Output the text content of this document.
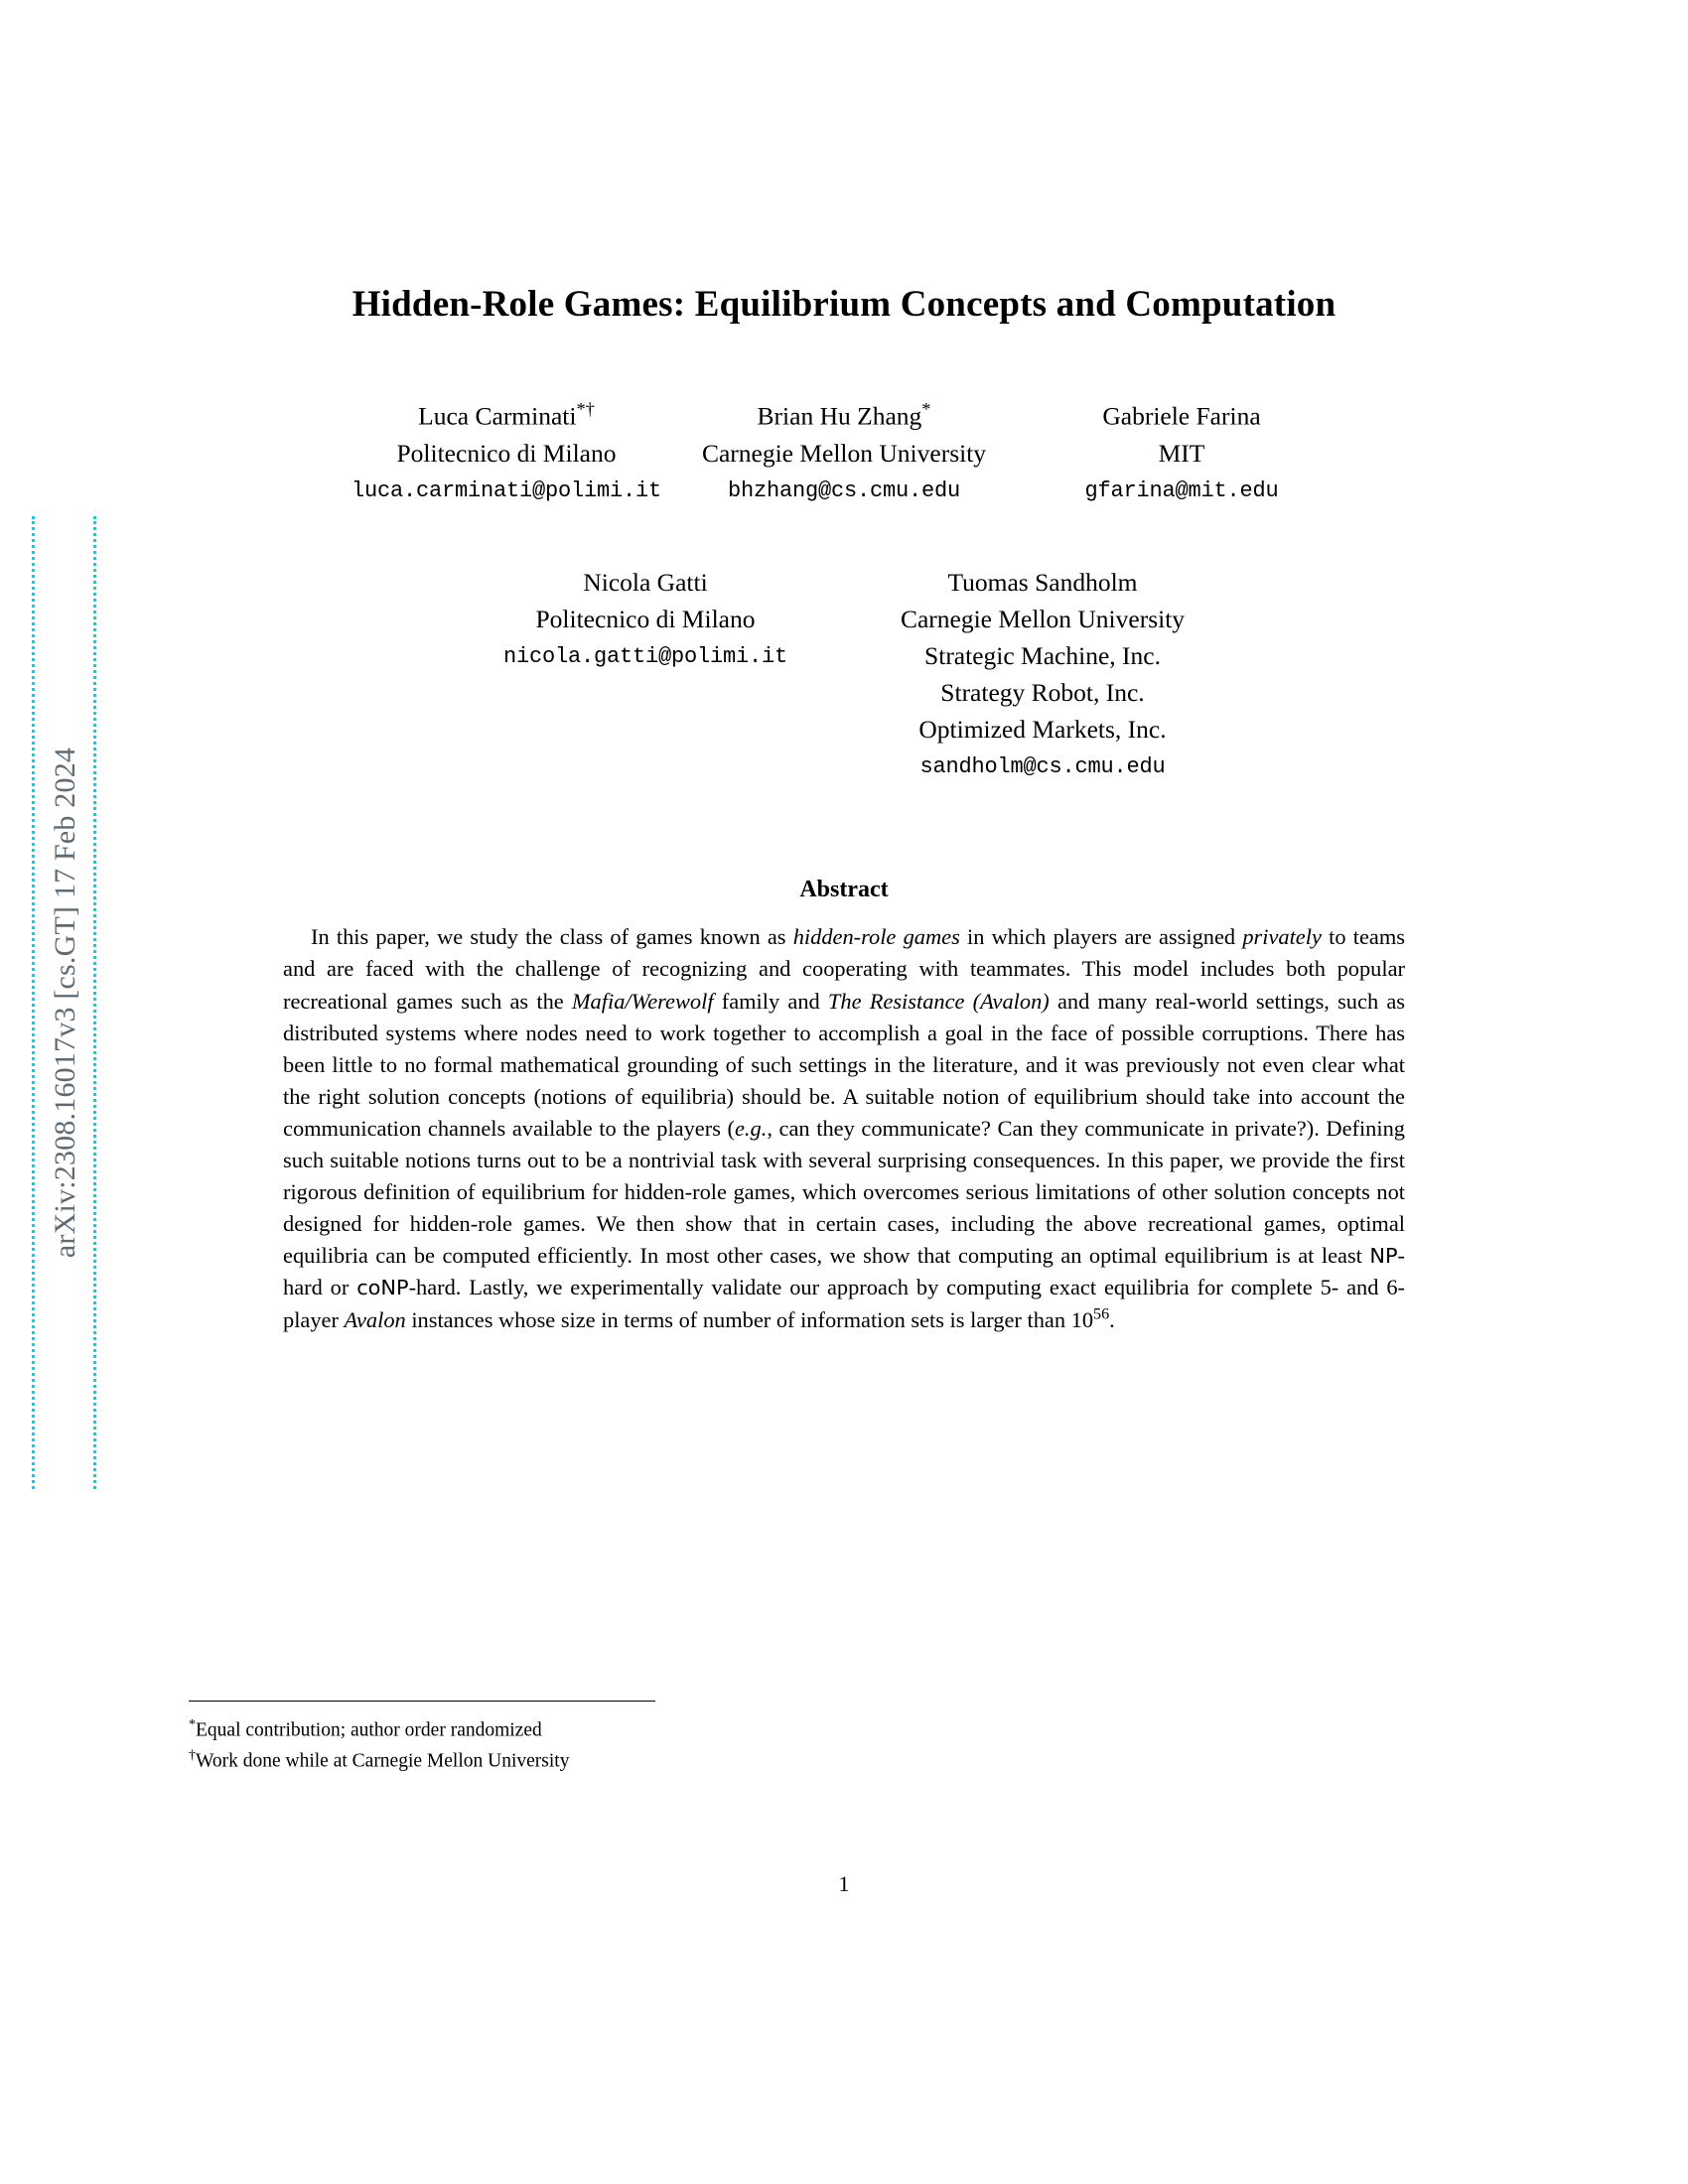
arXiv:2308.16017v3 [cs.GT] 17 Feb 2024
Hidden-Role Games: Equilibrium Concepts and Computation
Luca Carminati*†
Politecnico di Milano
luca.carminati@polimi.it
Brian Hu Zhang*
Carnegie Mellon University
bhzhang@cs.cmu.edu
Gabriele Farina
MIT
gfarina@mit.edu
Nicola Gatti
Politecnico di Milano
nicola.gatti@polimi.it
Tuomas Sandholm
Carnegie Mellon University
Strategic Machine, Inc.
Strategy Robot, Inc.
Optimized Markets, Inc.
sandholm@cs.cmu.edu
Abstract
In this paper, we study the class of games known as hidden-role games in which players are assigned privately to teams and are faced with the challenge of recognizing and cooperating with teammates. This model includes both popular recreational games such as the Mafia/Werewolf family and The Resistance (Avalon) and many real-world settings, such as distributed systems where nodes need to work together to accomplish a goal in the face of possible corruptions. There has been little to no formal mathematical grounding of such settings in the literature, and it was previously not even clear what the right solution concepts (notions of equilibria) should be. A suitable notion of equilibrium should take into account the communication channels available to the players (e.g., can they communicate? Can they communicate in private?). Defining such suitable notions turns out to be a nontrivial task with several surprising consequences. In this paper, we provide the first rigorous definition of equilibrium for hidden-role games, which overcomes serious limitations of other solution concepts not designed for hidden-role games. We then show that in certain cases, including the above recreational games, optimal equilibria can be computed efficiently. In most other cases, we show that computing an optimal equilibrium is at least NP-hard or coNP-hard. Lastly, we experimentally validate our approach by computing exact equilibria for complete 5- and 6-player Avalon instances whose size in terms of number of information sets is larger than $10^{56}$.
*Equal contribution; author order randomized
†Work done while at Carnegie Mellon University
1
